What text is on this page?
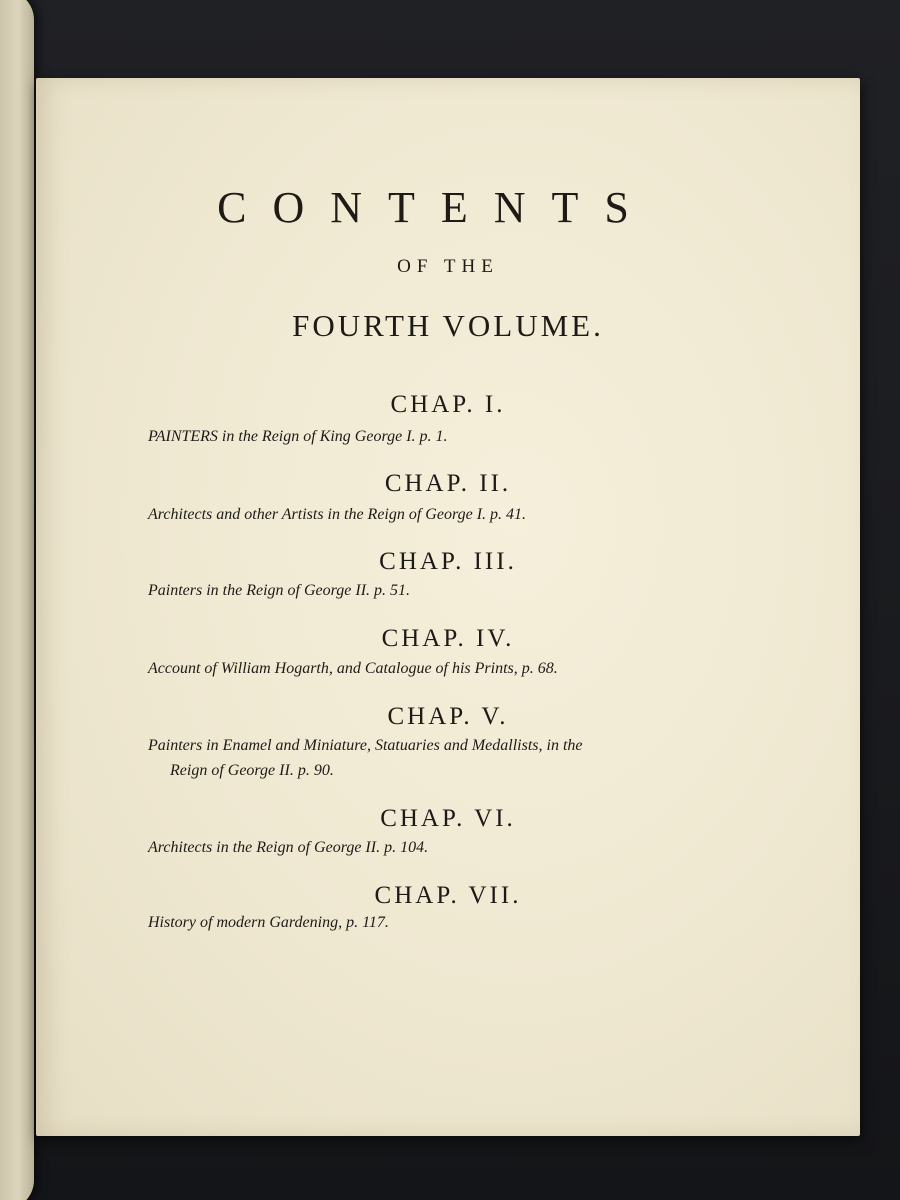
CONTENTS
OF THE
FOURTH VOLUME.
CHAP. I.
PAINTERS in the Reign of King George I. p. 1.
CHAP. II.
Architects and other Artists in the Reign of George I. p. 41.
CHAP. III.
Painters in the Reign of George II. p. 51.
CHAP. IV.
Account of William Hogarth, and Catalogue of his Prints, p. 68.
CHAP. V.
Painters in Enamel and Miniature, Statuaries and Medallists, in the
Reign of George II. p. 90.
CHAP. VI.
Architects in the Reign of George II. p. 104.
CHAP. VII.
History of modern Gardening, p. 117.
